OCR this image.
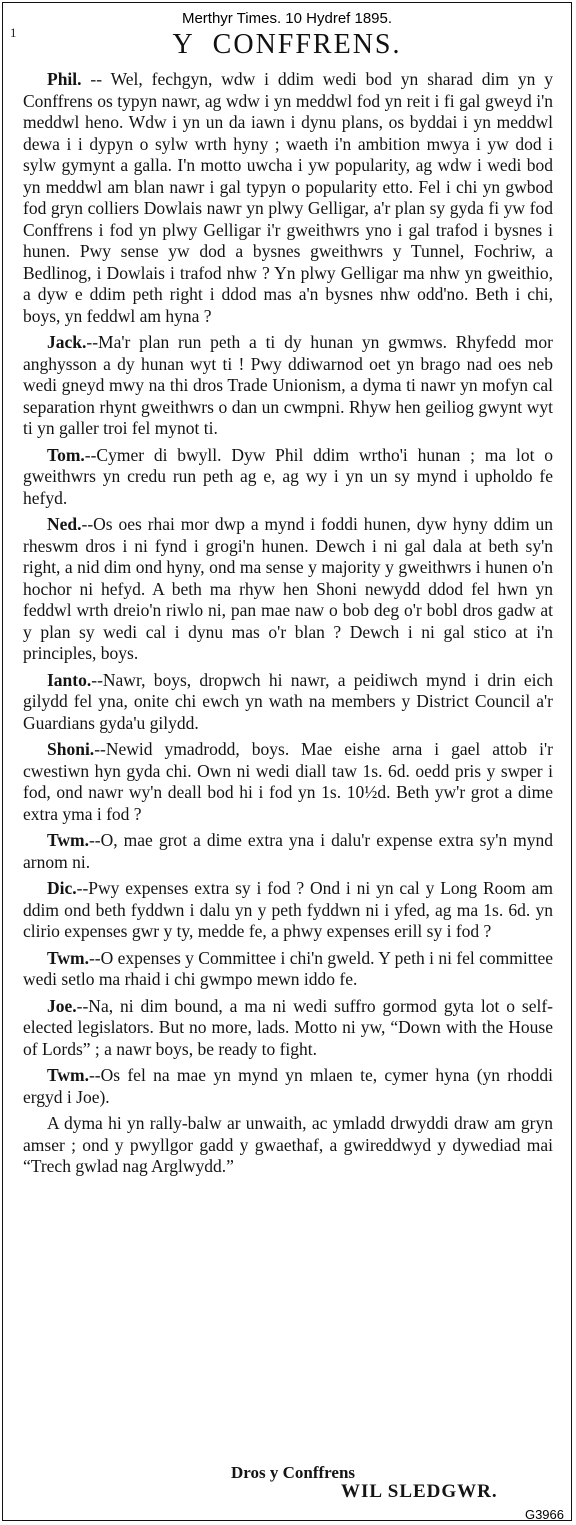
Merthyr Times. 10 Hydref 1895.
1	Y CONFFRENS.

Phil. -- Wel, fechgyn, wdw i ddim wedi bod yn sharad dim yn y Conffrens os typyn nawr, ag wdw i yn meddwl fod yn reit i fi gal gweyd i'n meddwl heno. Wdw i yn un da iawn i dynu plans, os byddai i yn meddwl dewa i i dypyn o sylw wrth hyny ; waeth i'n ambition mwya i yw dod i sylw gymynt a galla. I'n motto uwcha i yw popularity, ag wdw i wedi bod yn meddwl am blan nawr i gal typyn o popularity etto. Fel i chi yn gwbod fod gryn colliers Dowlais nawr yn plwy Gelligar, a'r plan sy gyda fi yw fod Conffrens i fod yn plwy Gelligar i'r gweithwrs yno i gal trafod i bysnes i hunen. Pwy sense yw dod a bysnes gweithwrs y Tunnel, Fochriw, a Bedlinog, i Dowlais i trafod nhw ? Yn plwy Gelligar ma nhw yn gweithio, a dyw e ddim peth right i ddod mas a'n bysnes nhw odd'no. Beth i chi, boys, yn feddwl am hyna ?

Jack.--Ma'r plan run peth a ti dy hunan yn gwmws. Rhyfedd mor anghysson a dy hunan wyt ti ! Pwy ddiwarnod oet yn brago nad oes neb wedi gneyd mwy na thi dros Trade Unionism, a dyma ti nawr yn mofyn cal separation rhynt gweithwrs o dan un cwmpni. Rhyw hen geiliog gwynt wyt ti yn galler troi fel mynot ti.

Tom.--Cymer di bwyll. Dyw Phil ddim wrtho'i hunan ; ma lot o gweithwrs yn credu run peth ag e, ag wy i yn un sy mynd i upholdo fe hefyd.

Ned.--Os oes rhai mor dwp a mynd i foddi hunen, dyw hyny ddim un rheswm dros i ni fynd i grogi'n hunen. Dewch i ni gal dala at beth sy'n right, a nid dim ond hyny, ond ma sense y majority y gweithwrs i hunen o'n hochor ni hefyd. A beth ma rhyw hen Shoni newydd ddod fel hwn yn feddwl wrth dreio'n riwlo ni, pan mae naw o bob deg o'r bobl dros gadw at y plan sy wedi cal i dynu mas o'r blan ? Dewch i ni gal stico at i'n principles, boys.

Ianto.--Nawr, boys, dropwch hi nawr, a peidiwch mynd i drin eich gilydd fel yna, onite chi ewch yn wath na members y District Council a'r Guardians gyda'u gilydd.

Shoni.--Newid ymadrodd, boys. Mae eishe arna i gael attob i'r cwestiwn hyn gyda chi. Own ni wedi diall taw 1s. 6d. oedd pris y swper i fod, ond nawr wy'n deall bod hi i fod yn 1s. 10½d. Beth yw'r grot a dime extra yma i fod ?

Twm.--O, mae grot a dime extra yna i dalu'r expense extra sy'n mynd arnom ni.

Dic.--Pwy expenses extra sy i fod ? Ond i ni yn cal y Long Room am ddim ond beth fyddwn i dalu yn y peth fyddwn ni i yfed, ag ma 1s. 6d. yn clirio expenses gwr y ty, medde fe, a phwy expenses erill sy i fod ?

Twm.--O expenses y Committee i chi'n gweld. Y peth i ni fel committee wedi setlo ma rhaid i chi gwmpo mewn iddo fe.

Joe.--Na, ni dim bound, a ma ni wedi suffro gormod gyta lot o self-elected legislators. But no more, lads. Motto ni yw, “Down with the House of Lords” ; a nawr boys, be ready to fight.

Twm.--Os fel na mae yn mynd yn mlaen te, cymer hyna (yn rhoddi ergyd i Joe).

A dyma hi yn rally-balw ar unwaith, ac ymladd drwyddi draw am gryn amser ; ond y pwyllgor gadd y gwaethaf, a gwireddwyd y dywediad mai “Trech gwlad nag Arglwydd.”

Dros y Conffrens
WIL SLEDGWR.
G3966
